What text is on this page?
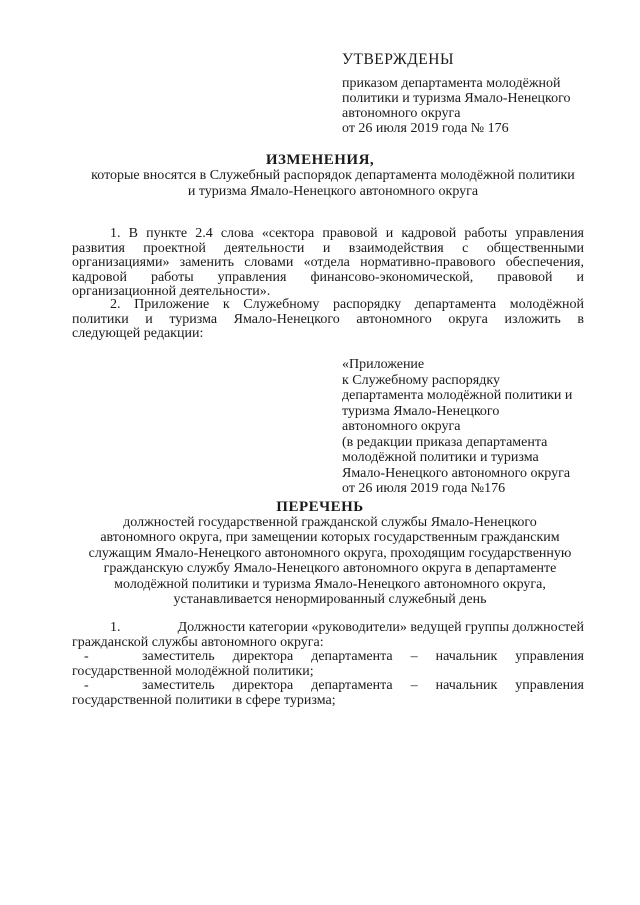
УТВЕРЖДЕНЫ
приказом департамента молодёжной
политики и туризма Ямало-Ненецкого
автономного округа
от 26 июля 2019 года № 176
ИЗМЕНЕНИЯ,
которые вносятся в Служебный распорядок департамента молодёжной политики
и туризма Ямало-Ненецкого автономного округа
1. В пункте 2.4 слова «сектора правовой и кадровой работы управления
развития проектной деятельности и взаимодействия с общественными
организациями» заменить словами «отдела нормативно-правового обеспечения,
кадровой работы управления финансово-экономической, правовой и
организационной деятельности».
2. Приложение к Служебному распорядку департамента молодёжной
политики и туризма Ямало-Ненецкого автономного округа изложить в
следующей редакции:
«Приложение
к Служебному распорядку
департамента молодёжной политики и
туризма Ямало-Ненецкого
автономного округа
(в редакции приказа департамента
молодёжной политики и туризма
Ямало-Ненецкого автономного округа
от 26 июля 2019 года №176
ПЕРЕЧЕНЬ
должностей государственной гражданской службы Ямало-Ненецкого
автономного округа, при замещении которых государственным гражданским
служащим Ямало-Ненецкого автономного округа, проходящим государственную
гражданскую службу Ямало-Ненецкого автономного округа в департаменте
молодёжной политики и туризма Ямало-Ненецкого автономного округа,
устанавливается ненормированный служебный день
1.	Должности категории «руководители» ведущей группы должностей
гражданской службы автономного округа:
-	заместитель директора департамента – начальник управления
государственной молодёжной политики;
-	заместитель директора департамента – начальник управления
государственной политики в сфере туризма;
